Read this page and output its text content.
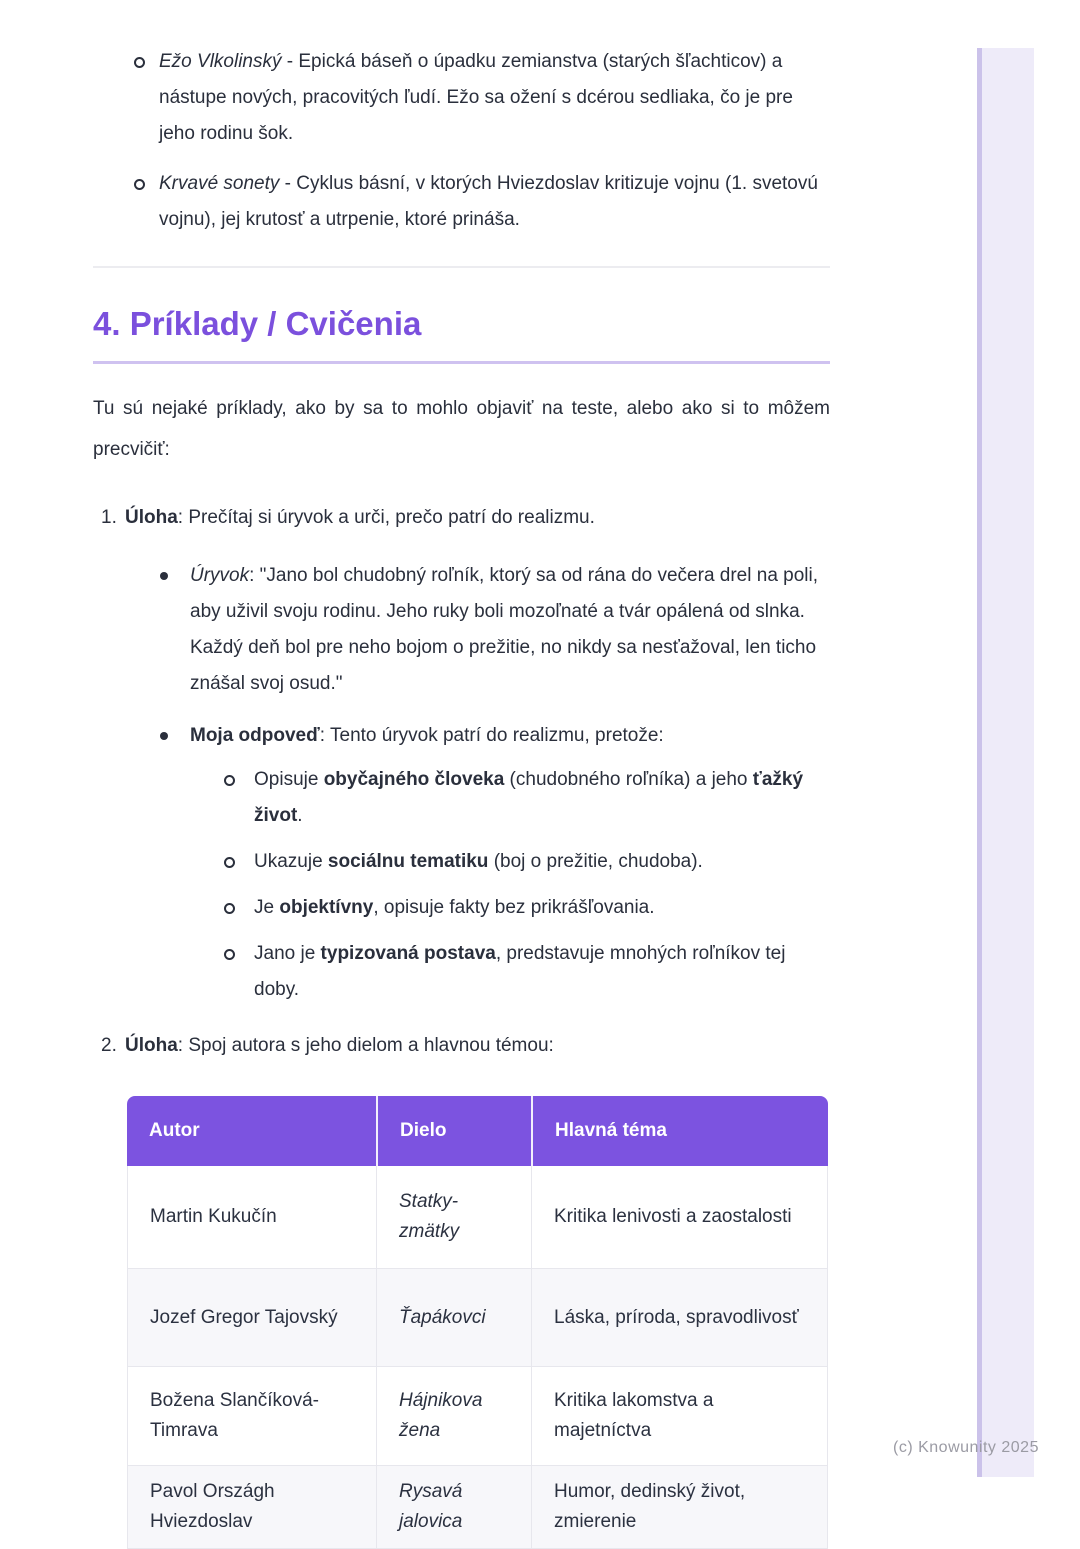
Ežo Vlkolinský - Epická báseň o úpadku zemianstva (starých šľachticov) a nástupe nových, pracovitých ľudí. Ežo sa ožení s dcérou sedliaka, čo je pre jeho rodinu šok.
Krvavé sonety - Cyklus básní, v ktorých Hviezdoslav kritizuje vojnu (1. svetovú vojnu), jej krutosť a utrpenie, ktoré prináša.
4. Príklady / Cvičenia

Tu sú nejaké príklady, ako by sa to mohlo objaviť na teste, alebo ako si to môžem precvičiť:

1. Úloha: Prečítaj si úryvok a urči, prečo patrí do realizmu.
Úryvok: "Jano bol chudobný roľník, ktorý sa od rána do večera drel na poli, aby uživil svoju rodinu. Jeho ruky boli mozoľnaté a tvár opálená od slnka. Každý deň bol pre neho bojom o prežitie, no nikdy sa nesťažoval, len ticho znášal svoj osud."
Moja odpoveď: Tento úryvok patrí do realizmu, pretože:
Opisuje obyčajného človeka (chudobného roľníka) a jeho ťažký život.
Ukazuje sociálnu tematiku (boj o prežitie, chudoba).
Je objektívny, opisuje fakty bez prikrášľovania.
Jano je typizovaná postava, predstavuje mnohých roľníkov tej doby.
2. Úloha: Spoj autora s jeho dielom a hlavnou témou:
Autor	Dielo	Hlavná téma
Martin Kukučín	Statky-zmätky	Kritika lenivosti a zaostalosti
Jozef Gregor Tajovský	Ťapákovci	Láska, príroda, spravodlivosť
Božena Slančíková-Timrava	Hájnikova žena	Kritika lakomstva a majetníctva
Pavol Országh Hviezdoslav	Rysavá jalovica	Humor, dedinský život, zmierenie
(c) Knowunity 2025
